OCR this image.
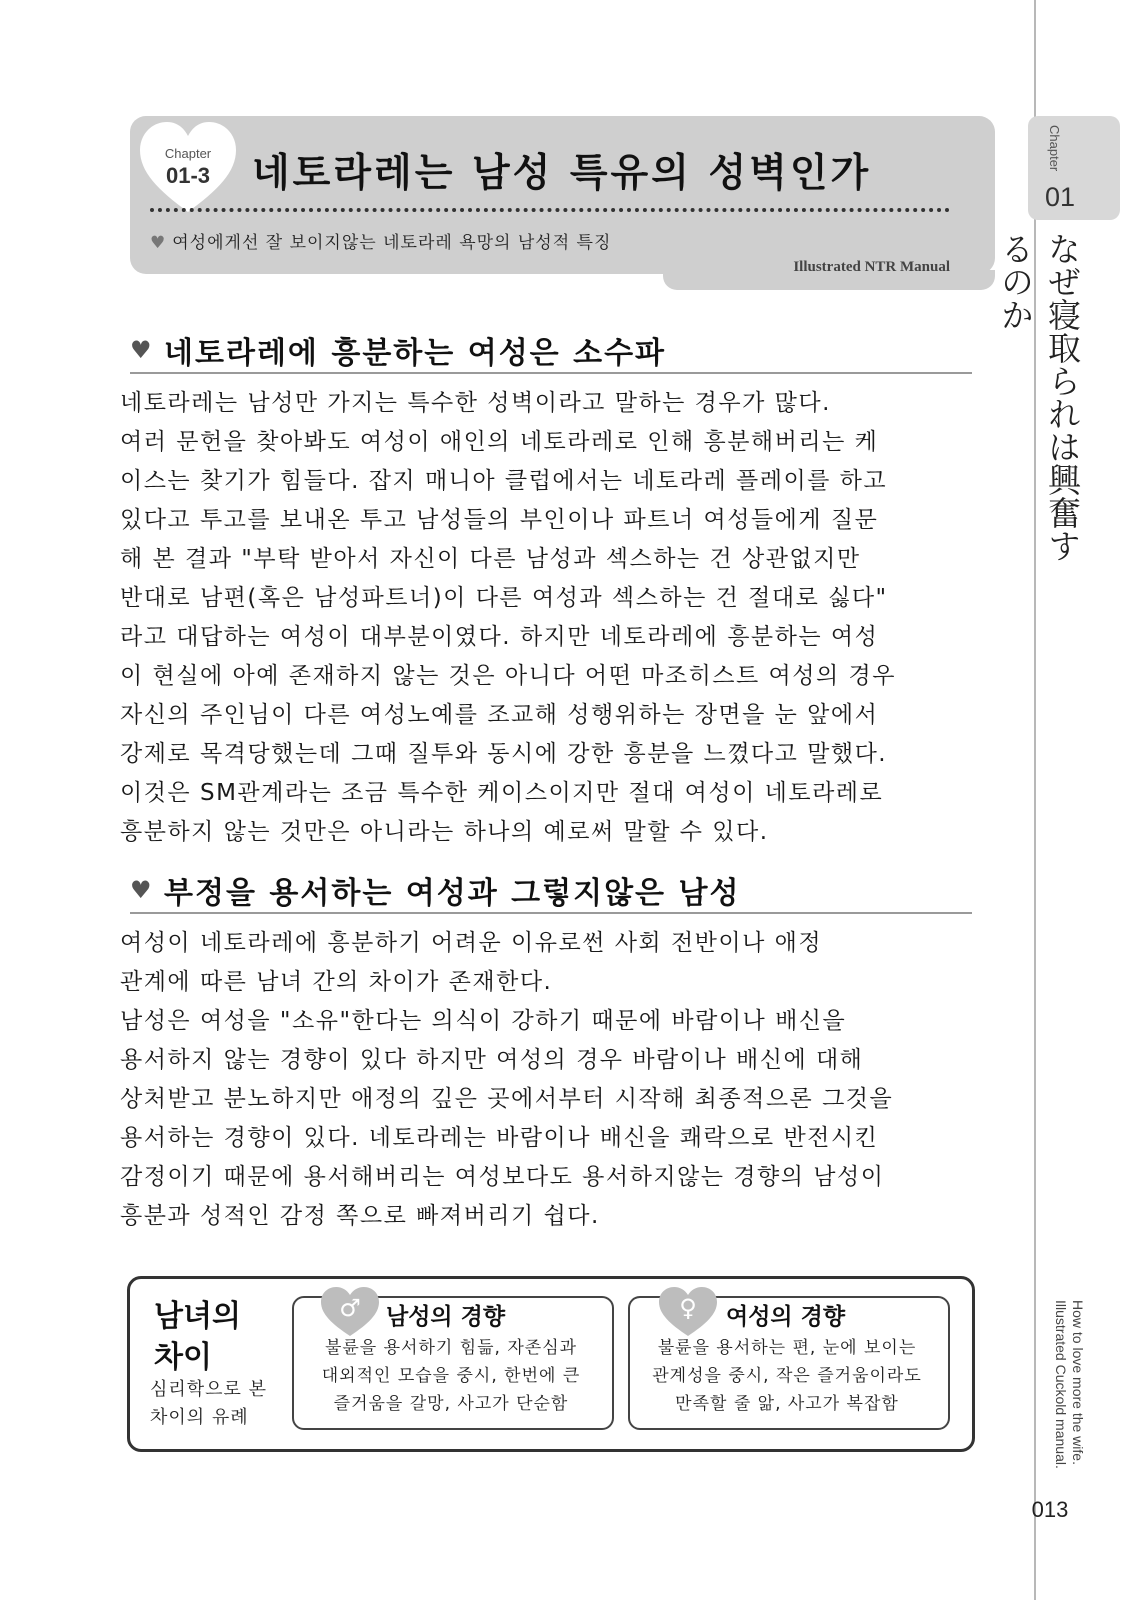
Chapter
01
なぜ寝取られは興奮するのか
How to love more the wife.
Illustrated Cuckold manual.
013
Chapter
01-3	네토라레는 남성 특유의 성벽인가
♥ 여성에게선 잘 보이지않는 네토라레 욕망의 남성적 특징
Illustrated NTR Manual
♥ 네토라레에 흥분하는 여성은 소수파
네토라레는 남성만 가지는 특수한 성벽이라고 말하는 경우가 많다.
여러 문헌을 찾아봐도 여성이 애인의 네토라레로 인해 흥분해버리는 케
이스는 찾기가 힘들다. 잡지 매니아 클럽에서는 네토라레 플레이를 하고
있다고 투고를 보내온 투고 남성들의 부인이나 파트너 여성들에게 질문
해 본 결과 "부탁 받아서 자신이 다른 남성과 섹스하는 건 상관없지만
반대로 남편(혹은 남성파트너)이 다른 여성과 섹스하는 건 절대로 싫다"
라고 대답하는 여성이 대부분이였다. 하지만 네토라레에 흥분하는 여성
이 현실에 아예 존재하지 않는 것은 아니다 어떤 마조히스트 여성의 경우
자신의 주인님이 다른 여성노예를 조교해 성행위하는 장면을 눈 앞에서
강제로 목격당했는데 그때 질투와 동시에 강한 흥분을 느꼈다고 말했다.
이것은 SM관계라는 조금 특수한 케이스이지만 절대 여성이 네토라레로
흥분하지 않는 것만은 아니라는 하나의 예로써 말할 수 있다.
♥ 부정을 용서하는 여성과 그렇지않은 남성
여성이 네토라레에 흥분하기 어려운 이유로썬 사회 전반이나 애정
관계에 따른 남녀 간의 차이가 존재한다.
남성은 여성을 "소유"한다는 의식이 강하기 때문에 바람이나 배신을
용서하지 않는 경향이 있다 하지만 여성의 경우 바람이나 배신에 대해
상처받고 분노하지만 애정의 깊은 곳에서부터 시작해 최종적으론 그것을
용서하는 경향이 있다. 네토라레는 바람이나 배신을 쾌락으로 반전시킨
감정이기 때문에 용서해버리는 여성보다도 용서하지않는 경향의 남성이
흥분과 성적인 감정 쪽으로 빠져버리기 쉽다.
남녀의
차이
심리학으로 본
차이의 유례
♂	남성의 경향
불륜을 용서하기 힘듦, 자존심과
대외적인 모습을 중시, 한번에 큰
즐거움을 갈망, 사고가 단순함
♀	여성의 경향
불륜을 용서하는 편, 눈에 보이는
관계성을 중시, 작은 즐거움이라도
만족할 줄 앎, 사고가 복잡함
